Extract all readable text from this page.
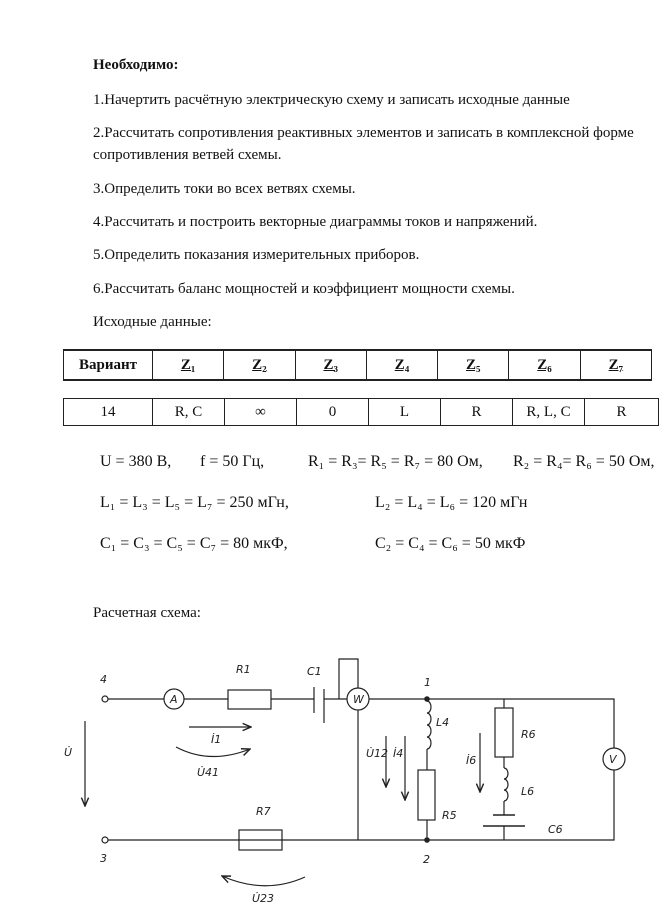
Необходимо:
1.Начертить расчётную электрическую схему и записать исходные данные
2.Рассчитать сопротивления реактивных элементов и записать в комплексной форме сопротивления ветвей схемы.
3.Определить токи во всех ветвях схемы.
4.Рассчитать и построить векторные диаграммы токов и напряжений.
5.Определить показания измерительных приборов.
6.Рассчитать баланс мощностей и коэффициент мощности схемы.
Исходные данные:
Вариант	Z₁	Z₂	Z₃	Z₄	Z₅	Z₆	Z₇
14	R, C	∞	0	L	R	R, L, C	R
U = 380 В, f = 50 Гц,	R₁ = R₃= R₅ = R₇ = 80 Ом, R₂ = R₄= R₆ = 50 Ом,
L₁ = L₃ = L₅ = L₇ = 250 мГн,	L₂ = L₄ = L₆ = 120 мГн
C₁ = C₃ = C₅ = C₇ = 80 мкФ,	C₂ = C₄ = C₆ = 50 мкФ
Расчетная схема:
A	W
V
4
3
1
2
R1	C1
R7
L4
R5
R6
L6
C6
U̇
İ1
U̇41
U̇12 İ4
İ6
U̇23
